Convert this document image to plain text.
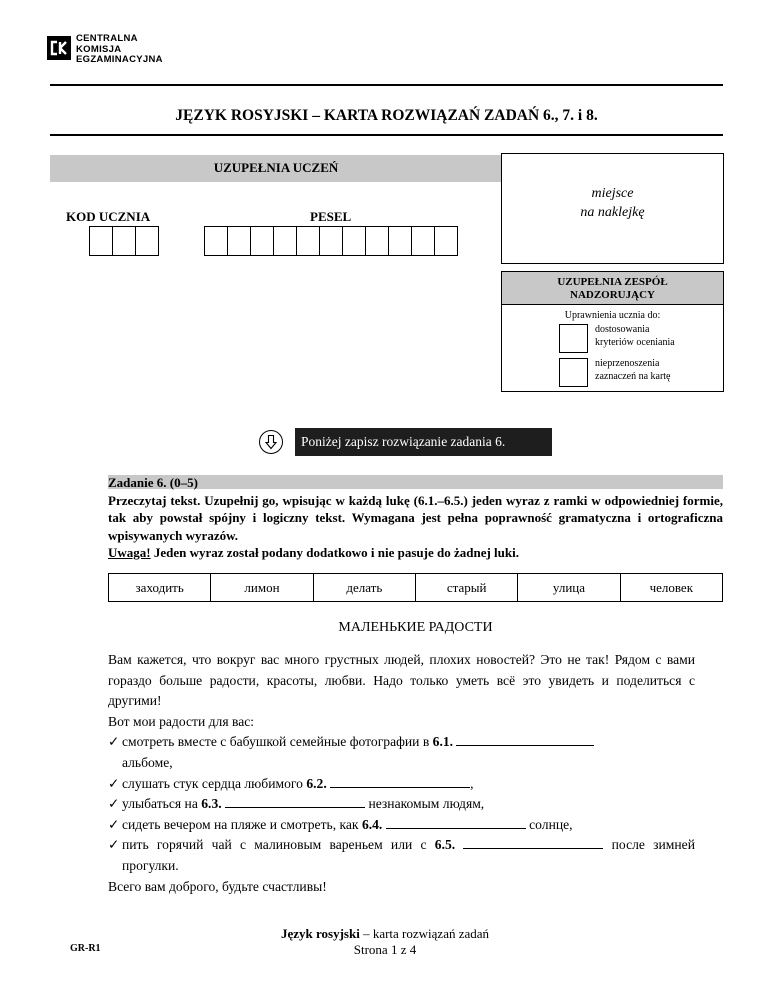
CENTRALNA
KOMISJA
EGZAMINACYJNA
JĘZYK ROSYJSKI – KARTA ROZWIĄZAŃ ZADAŃ 6., 7. i 8.
UZUPEŁNIA UCZEŃ
KOD UCZNIA	PESEL
miejsce
na naklejkę
UZUPEŁNIA ZESPÓŁ
NADZORUJĄCY
Uprawnienia ucznia do:
dostosowania
kryteriów oceniania
nieprzenoszenia
zaznaczeń na kartę
Poniżej zapisz rozwiązanie zadania 6.

Zadanie 6. (0–5)

Przeczytaj tekst. Uzupełnij go, wpisując w każdą lukę (6.1.–6.5.) jeden wyraz z ramki w odpowiedniej formie, tak aby powstał spójny i logiczny tekst. Wymagana jest pełna poprawność gramatyczna i ortograficzna wpisywanych wyrazów.

Uwaga! Jeden wyraz został podany dodatkowo i nie pasuje do żadnej luki.

заходить	лимон	делать	старый	улица	человек
МАЛЕНЬКИЕ РАДОСТИ

Вам кажется, что вокруг вас много грустных людей, плохих новостей? Это не так! Рядом с вами гораздо больше радости, красоты, любви. Надо только уметь всё это увидеть и поделиться с другими!

Вот мои радости для вас:

✓ смотреть вместе с бабушкой семейные фотографии в 6.1.
альбоме,
✓ слушать стук сердца любимого 6.2.	,
✓ улыбаться на 6.3.	незнакомым людям,
✓ сидеть вечером на пляже и смотреть, как 6.4.	солнце,
✓ пить горячий чай с малиновым вареньем или с 6.5.	после зимней прогулки.

Всего вам доброго, будьте счастливы!

GR-R1
Język rosyjski – karta rozwiązań zadań
Strona 1 z 4
